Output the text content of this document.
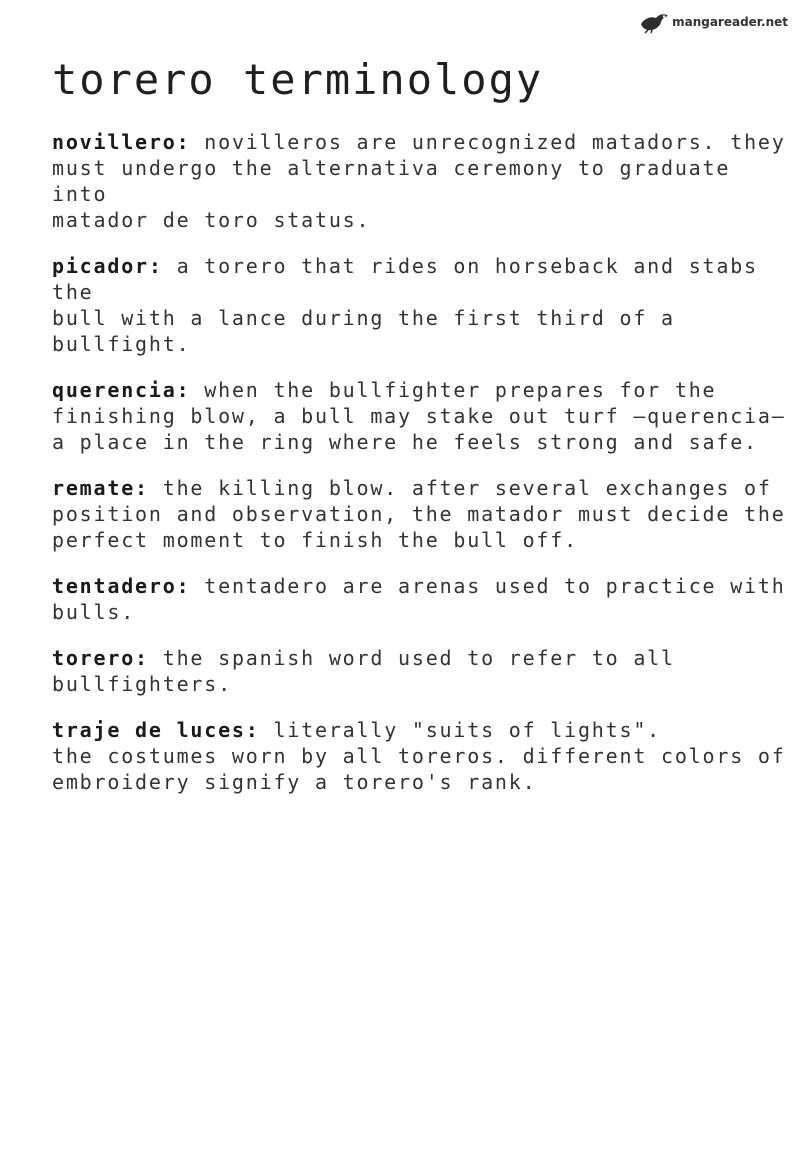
mangareader.net
torero terminology

novillero: novilleros are unrecognized matadors. they

must undergo the alternativa ceremony to graduate into

matador de toro status.

picador: a torero that rides on horseback and stabs the

bull with a lance during the first third of a bullfight.

querencia: when the bullfighter prepares for the

finishing blow, a bull may stake out turf —querencia—

a place in the ring where he feels strong and safe.

remate: the killing blow. after several exchanges of

position and observation, the matador must decide the

perfect moment to finish the bull off.

tentadero: tentadero are arenas used to practice with

bulls.

torero: the spanish word used to refer to all

bullfighters.

traje de luces: literally "suits of lights".

the costumes worn by all toreros. different colors of

embroidery signify a torero's rank.
